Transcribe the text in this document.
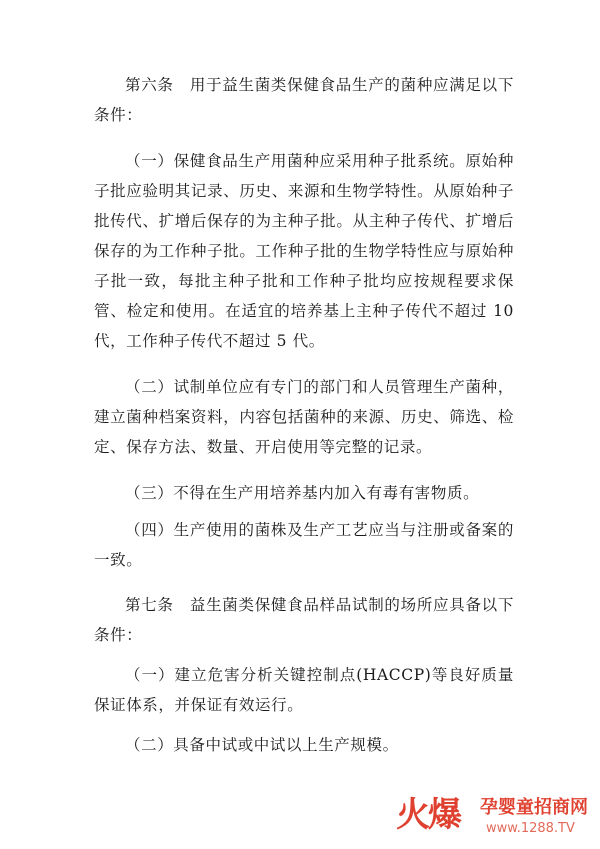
第六条　用于益生菌类保健食品生产的菌种应满足以下条件：

（一）保健食品生产用菌种应采用种子批系统。原始种子批应验明其记录、历史、来源和生物学特性。从原始种子批传代、扩增后保存的为主种子批。从主种子传代、扩增后保存的为工作种子批。工作种子批的生物学特性应与原始种子批一致，每批主种子批和工作种子批均应按规程要求保管、检定和使用。在适宜的培养基上主种子传代不超过 10 代，工作种子传代不超过 5 代。

（二）试制单位应有专门的部门和人员管理生产菌种，建立菌种档案资料，内容包括菌种的来源、历史、筛选、检定、保存方法、数量、开启使用等完整的记录。

（三）不得在生产用培养基内加入有毒有害物质。

（四）生产使用的菌株及生产工艺应当与注册或备案的一致。

第七条　益生菌类保健食品样品试制的场所应具备以下条件：

（一）建立危害分析关键控制点(HACCP)等良好质量保证体系，并保证有效运行。

（二）具备中试或中试以上生产规模。

火爆 孕婴童招商网
www.1288.TV
